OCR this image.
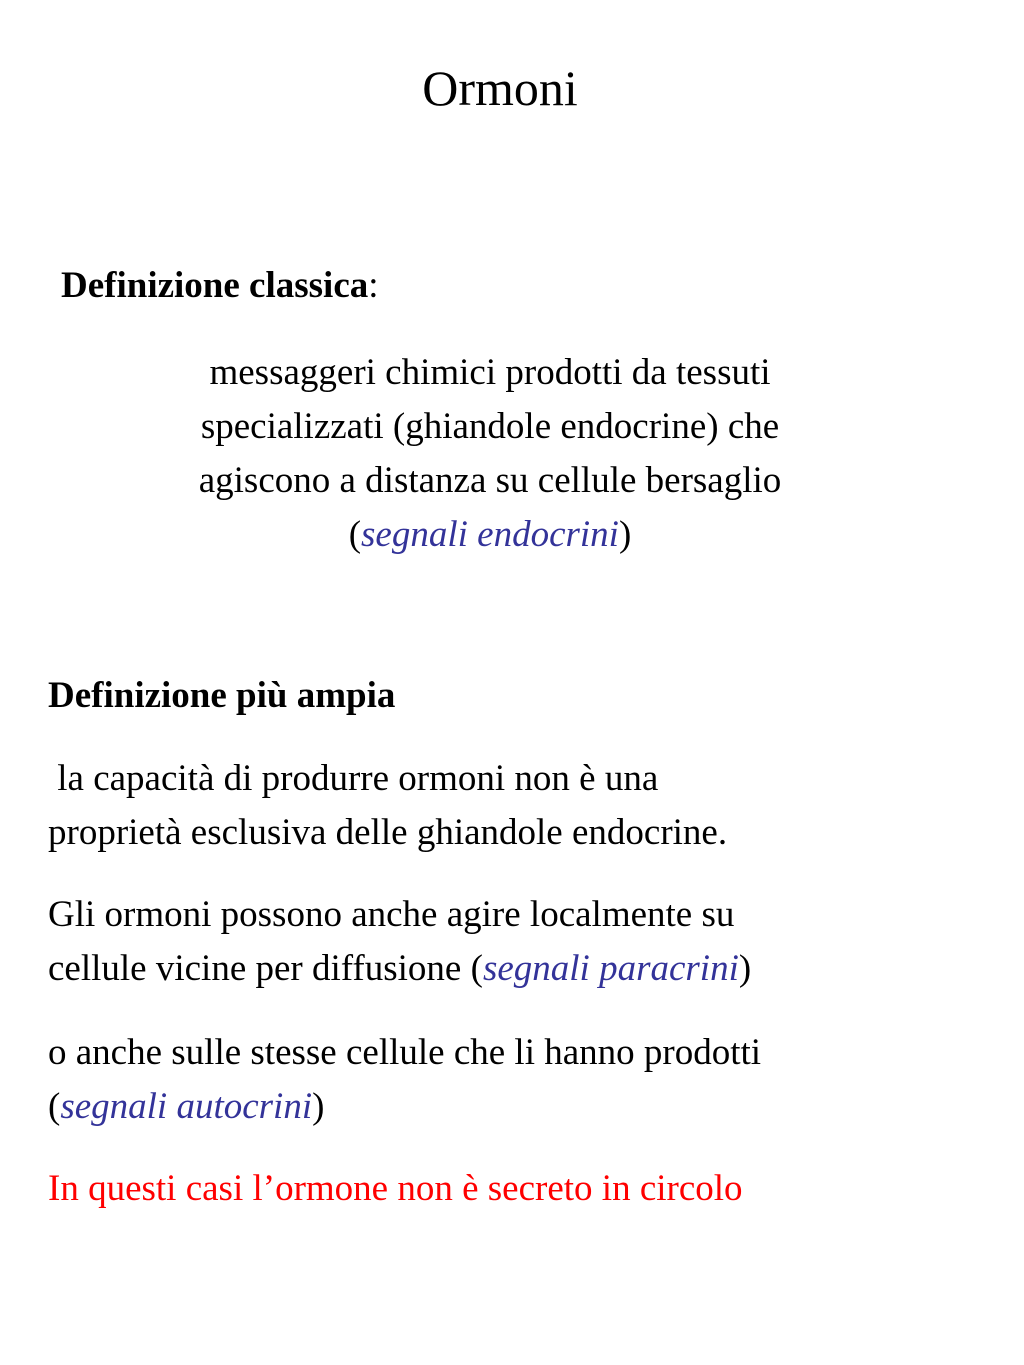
Ormoni
Definizione classica:
messaggeri chimici prodotti da tessuti
specializzati (ghiandole endocrine) che
agiscono a distanza su cellule bersaglio
(segnali endocrini)
Definizione più ampia
la capacità di produrre ormoni non è una
proprietà esclusiva delle ghiandole endocrine.
Gli ormoni possono anche agire localmente su
cellule vicine per diffusione (segnali paracrini)
o anche sulle stesse cellule che li hanno prodotti
(segnali autocrini)
In questi casi l’ormone non è secreto in circolo
